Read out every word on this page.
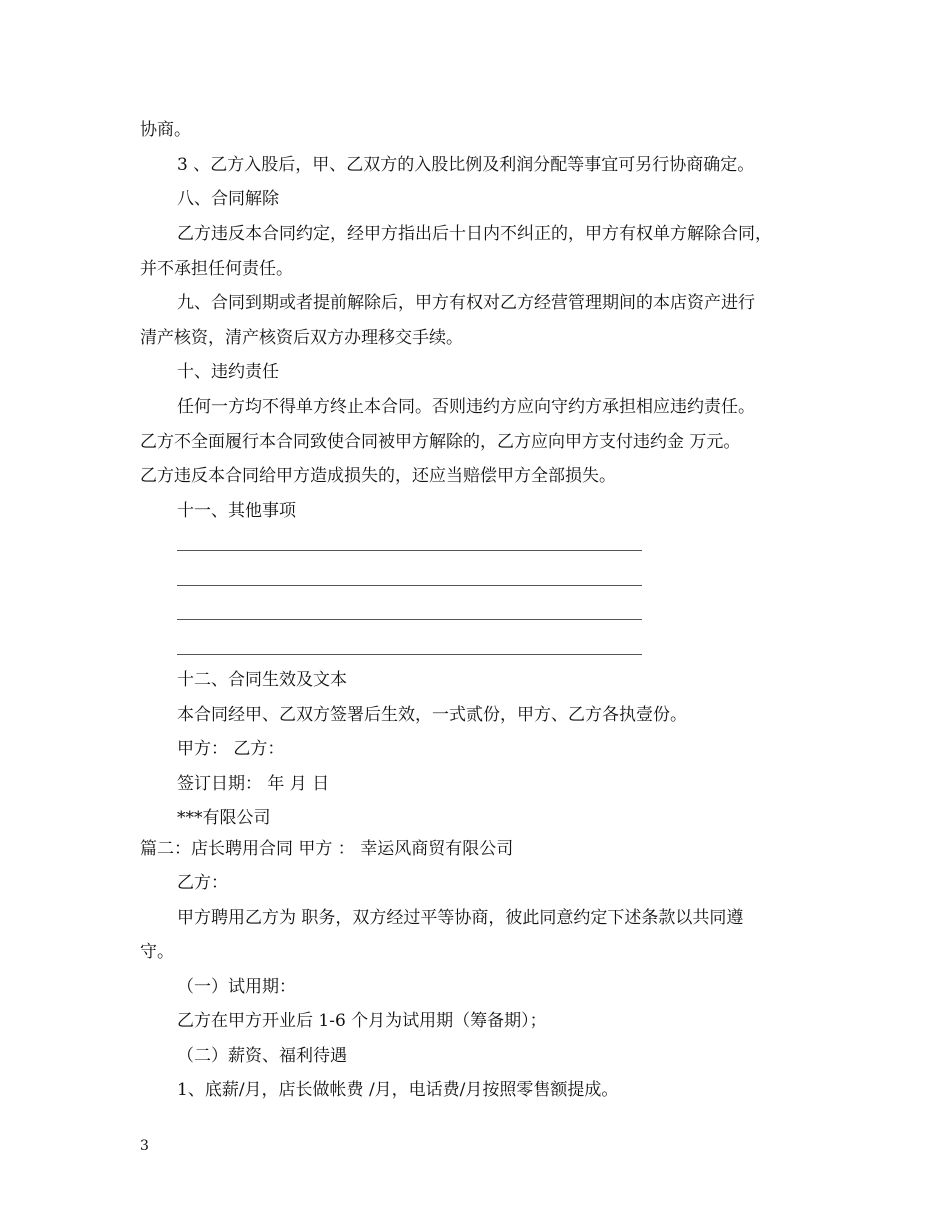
协商。
3 、乙方入股后，甲、乙双方的入股比例及利润分配等事宜可另行协商确定。
八、合同解除
乙方违反本合同约定，经甲方指出后十日内不纠正的，甲方有权单方解除合同，
并不承担任何责任。
九、合同到期或者提前解除后，甲方有权对乙方经营管理期间的本店资产进行
清产核资，清产核资后双方办理移交手续。
十、违约责任
任何一方均不得单方终止本合同。否则违约方应向守约方承担相应违约责任。
乙方不全面履行本合同致使合同被甲方解除的，乙方应向甲方支付违约金 万元。
乙方违反本合同给甲方造成损失的，还应当赔偿甲方全部损失。
十一、其他事项
十二、合同生效及文本
本合同经甲、乙双方签署后生效，一式贰份，甲方、乙方各执壹份。
甲方： 乙方：
签订日期： 年 月 日
***有限公司
篇二：店长聘用合同 甲方 ： 幸运风商贸有限公司
乙方：
甲方聘用乙方为 职务，双方经过平等协商，彼此同意约定下述条款以共同遵
守。
（一）试用期：
乙方在甲方开业后 1-6 个月为试用期（筹备期）；
（二）薪资、福利待遇
1、底薪/月，店长做帐费 /月，电话费/月按照零售额提成。
3
